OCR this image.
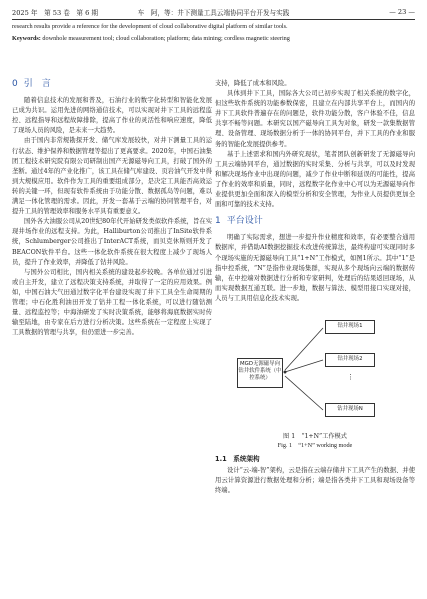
2025 年　第 53 卷　第 6 期	车　阿，等：井下测量工具云端协同平台开发与实践	— 23 —
research results provide a reference for the development of cloud collaborative digital platform of similar tools.
Keywords: downhole measurement tool; cloud collaboration; platform; data mining; cordless magnetic steering
0 引　言

随着信息技术的发展和普及，石油行业的数字化转型和智能化发展已成为共识。运用先进的网络通信技术，可以实现对井下工具的远程监控、远程指导和远程故障排除，提高了作业的灵活性和响应速度，降低了现场人员的风险，是未来一大趋势。

由于国内非常规勘探开发、储气库发展较快，对井下测量工具的运行状态、维护保养和数据管理等提出了更高要求。2020年，中国石油集团工程技术研究院有限公司研制出国产无源磁导向工具，打破了国外的垄断。通过4年的产业化推广，该工具在储气库建设、页岩油气开发中得到大规模应用。软件作为工具的重要组成部分，是决定工具能否高效运转的关键一环，但现有软件系统由于功能分散、数据孤岛等问题，难以满足一体化管理的需求。因此，开发一套基于云端的协同管理平台，对提升工具的管理效率和服务水平具有重要意义。

国外各大油服公司从20世纪80年代开始研发类似软件系统，旨在实现井场作业的远程支持。为此，Halliburton公司推出了InSite软件系统，Schlumberger公司推出了InterACT系统，而贝克休斯则开发了BEACON软件平台。这些一体化软件系统在很大程度上减少了现场人员，提升了作业效率，并降低了钻井风险。

与国外公司相比，国内相关系统的建设起步较晚。各单位通过引进或自主开发，建立了远程决策支持系统，并取得了一定的应用效果。例如，中国石油大气田通过数字化平台建设实现了井下工具全生命周期的管理；中石化胜利油田开发了钻井工程一体化系统，可以进行随钻测量、远程监控等；中海油研发了实时决策系统，能够将海底数据实时传输至陆地，由专家在后方进行分析决策。这些系统在一定程度上实现了工具数据的管理与共享，但仍需进一步完善。

支持，降低了成本和风险。

具体到井下工具，国际各大公司已初步实现了相关系统的数字化，但这些软件系统的功能参数保密，且建立在内部共享平台上，而国内的井下工具软件普遍存在的问题是，软件功能分散，客户体验不佳，信息共享不畅等问题。本研究以国产磁导向工具为对象，研发一款集数据管理、设备管理、现场数据分析于一体的协同平台，并下工具的作业和服务的智能化发展提供参考。

基于上述需求和国内外研究现状，笔者团队创新研发了无源磁导向工具云端协同平台，通过数据的实时采集、分析与共享，可以及时发现和解决现场作业中出现的问题，减少了作业中断和延误的可能性，提高了作业的效率和质量，同时，远程数字化作业中心可以为无源磁导向作业提供更加全面和深入的模型分析和安全管理，为作业人员提供更加全面和可靠的技术支持。

1 平台设计

明确了实际需求，想进一步提升作业精度和效率，有必要整合通用数据库，并借助AI数据挖掘技术改进传统算法，最终构建可实现同时多个现场实施的无源磁导向工具“1+N”工作模式，如图1所示。其中“1”是指中控系统，“N”是指作业现场集群，实现从多个现场向云端的数据传输，在中控端对数据进行分析和专家研判，处理后的结果返回现场，从而实现数据互通互联。进一步地，数据与算法、模型用接口实现对接，人员与工具用信息化技术实现。

MGD无源磁导向钻井软件系统（中控系统）
钻井现场1
钻井现场2
⋮
钻井现场N
图 1　“1+N”工作模式
Fig. 1　“1+N” working mode
1.1　系统架构

设计“云-端-智”架构，云是指在云端存储井下工具产生的数据、并使用云计算资源进行数据处理和分析；端是指各类井下工具和现场设备等终端。
